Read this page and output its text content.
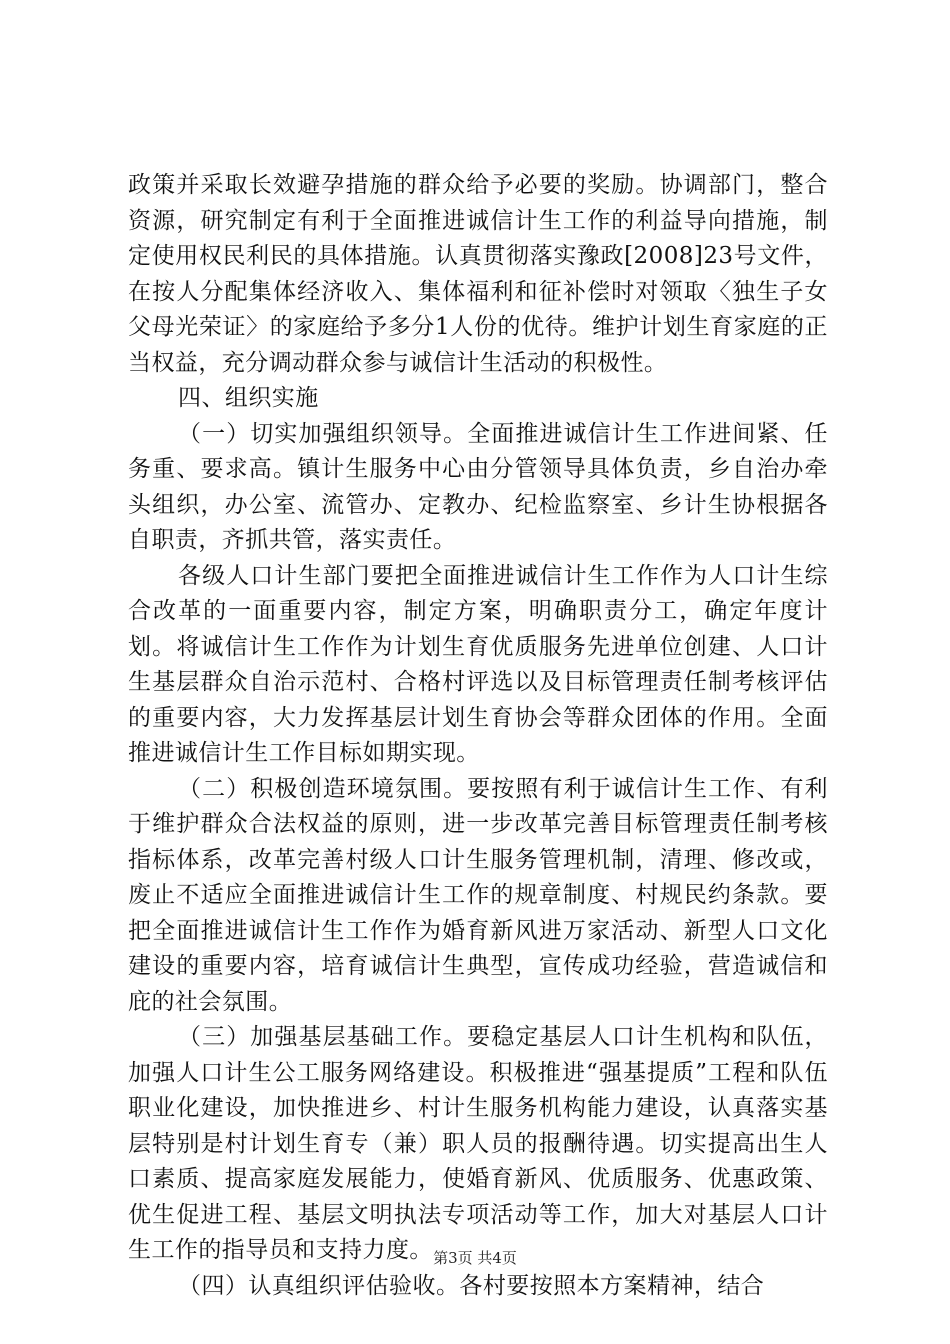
政策并采取长效避孕措施的群众给予必要的奖励。协调部门，整合资源，研究制定有利于全面推进诚信计生工作的利益导向措施，制定使用权民利民的具体措施。认真贯彻落实豫政[2008]23号文件，在按人分配集体经济收入、集体福利和征补偿时对领取〈独生子女父母光荣证〉的家庭给予多分1人份的优待。维护计划生育家庭的正当权益，充分调动群众参与诚信计生活动的积极性。

四、组织实施

（一）切实加强组织领导。全面推进诚信计生工作进间紧、任务重、要求高。镇计生服务中心由分管领导具体负责，乡自治办牵头组织，办公室、流管办、定教办、纪检监察室、乡计生协根据各自职责，齐抓共管，落实责任。

各级人口计生部门要把全面推进诚信计生工作作为人口计生综合改革的一面重要内容，制定方案，明确职责分工，确定年度计划。将诚信计生工作作为计划生育优质服务先进单位创建、人口计生基层群众自治示范村、合格村评选以及目标管理责任制考核评估的重要内容，大力发挥基层计划生育协会等群众团体的作用。全面推进诚信计生工作目标如期实现。

（二）积极创造环境氛围。要按照有利于诚信计生工作、有利于维护群众合法权益的原则，进一步改革完善目标管理责任制考核指标体系，改革完善村级人口计生服务管理机制，清理、修改或，废止不适应全面推进诚信计生工作的规章制度、村规民约条款。要把全面推进诚信计生工作作为婚育新风进万家活动、新型人口文化建设的重要内容，培育诚信计生典型，宣传成功经验，营造诚信和庇的社会氛围。

（三）加强基层基础工作。要稳定基层人口计生机构和队伍，加强人口计生公工服务网络建设。积极推进“强基提质”工程和队伍职业化建设，加快推进乡、村计生服务机构能力建设，认真落实基层特别是村计划生育专（兼）职人员的报酬待遇。切实提高出生人口素质、提高家庭发展能力，使婚育新风、优质服务、优惠政策、优生促进工程、基层文明执法专项活动等工作，加大对基层人口计生工作的指导员和支持力度。

（四）认真组织评估验收。各村要按照本方案精神，结合

第3页 共4页
